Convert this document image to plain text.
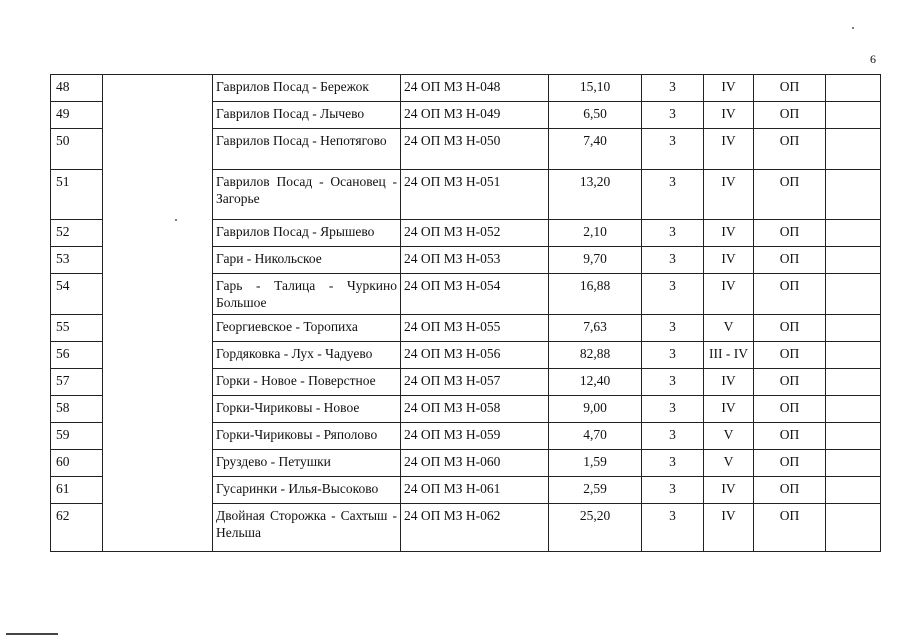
6
48		Гаврилов Посад - Бережок	24 ОП МЗ Н-048	15,10	3	IV	ОП	
49		Гаврилов Посад - Лычево	24 ОП МЗ Н-049	6,50	3	IV	ОП	
50		Гаврилов Посад - Непотягово	24 ОП МЗ Н-050	7,40	3	IV	ОП	
51		Гаврилов Посад - Осановец - Загорье	24 ОП МЗ Н-051	13,20	3	IV	ОП	
52		Гаврилов Посад - Ярышево	24 ОП МЗ Н-052	2,10	3	IV	ОП	
53		Гари - Никольское	24 ОП МЗ Н-053	9,70	3	IV	ОП	
54		Гарь - Талица - Чуркино Большое	24 ОП МЗ Н-054	16,88	3	IV	ОП	
55		Георгиевское - Торопиха	24 ОП МЗ Н-055	7,63	3	V	ОП	
56		Гордяковка - Лух - Чадуево	24 ОП МЗ Н-056	82,88	3	III - IV	ОП	
57		Горки - Новое - Поверстное	24 ОП МЗ Н-057	12,40	3	IV	ОП	
58		Горки-Чириковы - Новое	24 ОП МЗ Н-058	9,00	3	IV	ОП	
59		Горки-Чириковы - Ряполово	24 ОП МЗ Н-059	4,70	3	V	ОП	
60		Груздево - Петушки	24 ОП МЗ Н-060	1,59	3	V	ОП	
61		Гусаринки - Илья-Высоково	24 ОП МЗ Н-061	2,59	3	IV	ОП	
62		Двойная Сторожка - Сахтыш - Нельша	24 ОП МЗ Н-062	25,20	3	IV	ОП	
